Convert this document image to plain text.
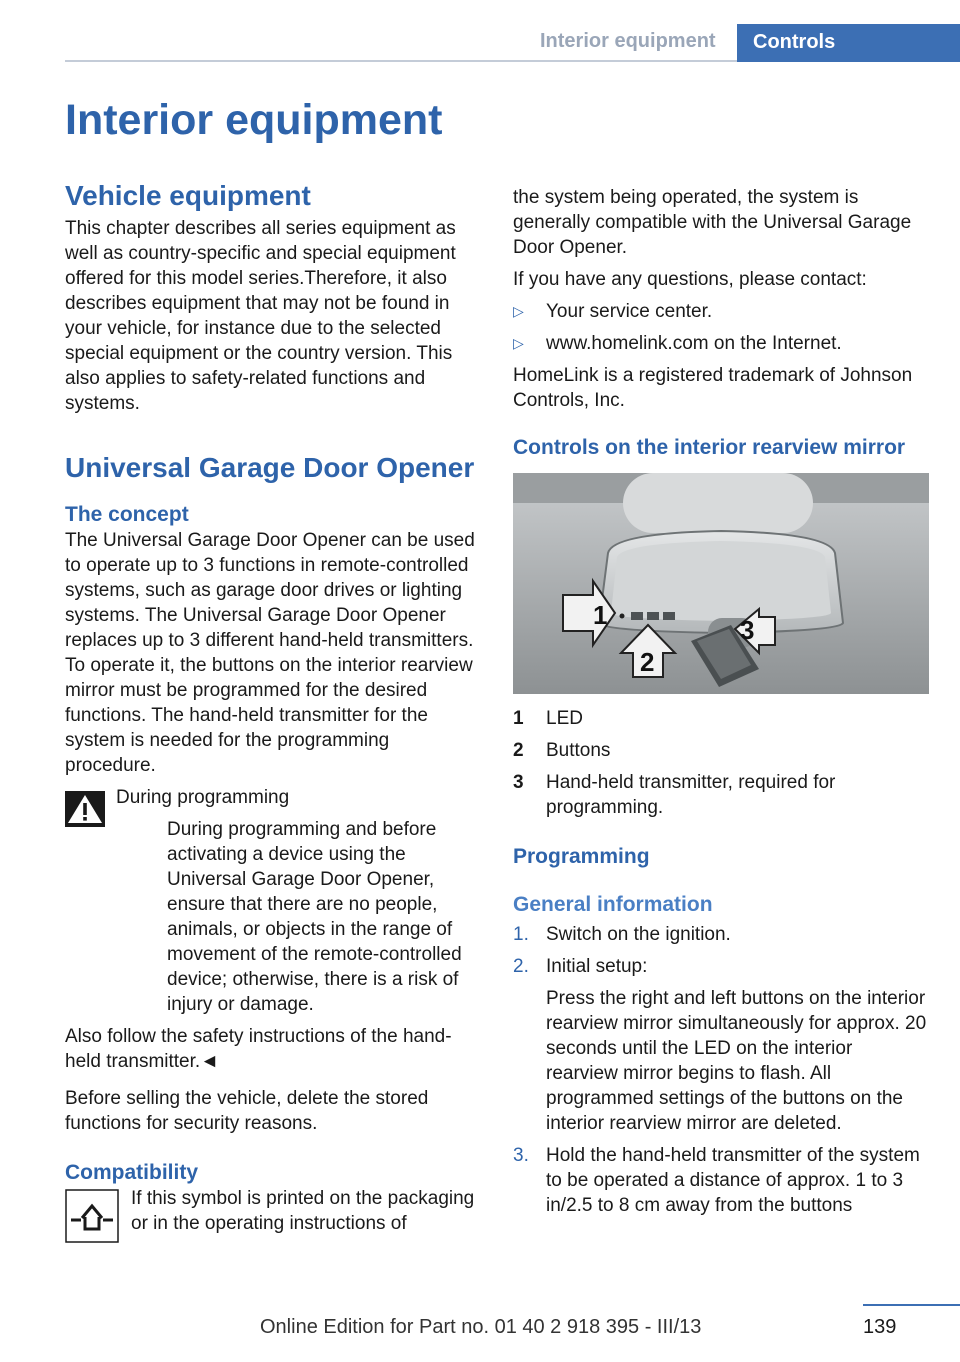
Interior equipment	Controls
Interior equipment
Vehicle equipment

This chapter describes all series equipment as well as country-specific and special equipment offered for this model series.Therefore, it also describes equipment that may not be found in your vehicle, for instance due to the selected special equipment or the country version. This also applies to safety-related functions and systems.

Universal Garage Door Opener
The concept

The Universal Garage Door Opener can be used to operate up to 3 functions in remote-controlled systems, such as garage door drives or lighting systems. The Universal Garage Door Opener replaces up to 3 different hand-held transmitters. To operate it, the buttons on the interior rearview mirror must be programmed for the desired functions. The hand-held transmitter for the system is needed for the programming procedure.

During programming

During programming and before activating a device using the Universal Garage Door Opener, ensure that there are no people, animals, or objects in the range of movement of the remote-controlled device; otherwise, there is a risk of injury or damage.

Also follow the safety instructions of the hand-held transmitter.◄

Before selling the vehicle, delete the stored functions for security reasons.

Compatibility

If this symbol is printed on the packaging or in the operating instructions of

the system being operated, the system is generally compatible with the Universal Garage Door Opener.

If you have any questions, please contact:

▷ Your service center.
▷ www.homelink.com on the Internet.

HomeLink is a registered trademark of Johnson Controls, Inc.

Controls on the interior rearview mirror
1
2
3
1 LED
2 Buttons
3 Hand-held transmitter, required for programming.
Programming
General information
1. Switch on the ignition.
2. Initial setup:
Press the right and left buttons on the interior rearview mirror simultaneously for approx. 20 seconds until the LED on the interior rearview mirror begins to flash. All programmed settings of the buttons on the interior rearview mirror are deleted.
3. Hold the hand-held transmitter of the system to be operated a distance of approx. 1 to 3 in/2.5 to 8 cm away from the buttons
139
Online Edition for Part no. 01 40 2 918 395 - III/13
